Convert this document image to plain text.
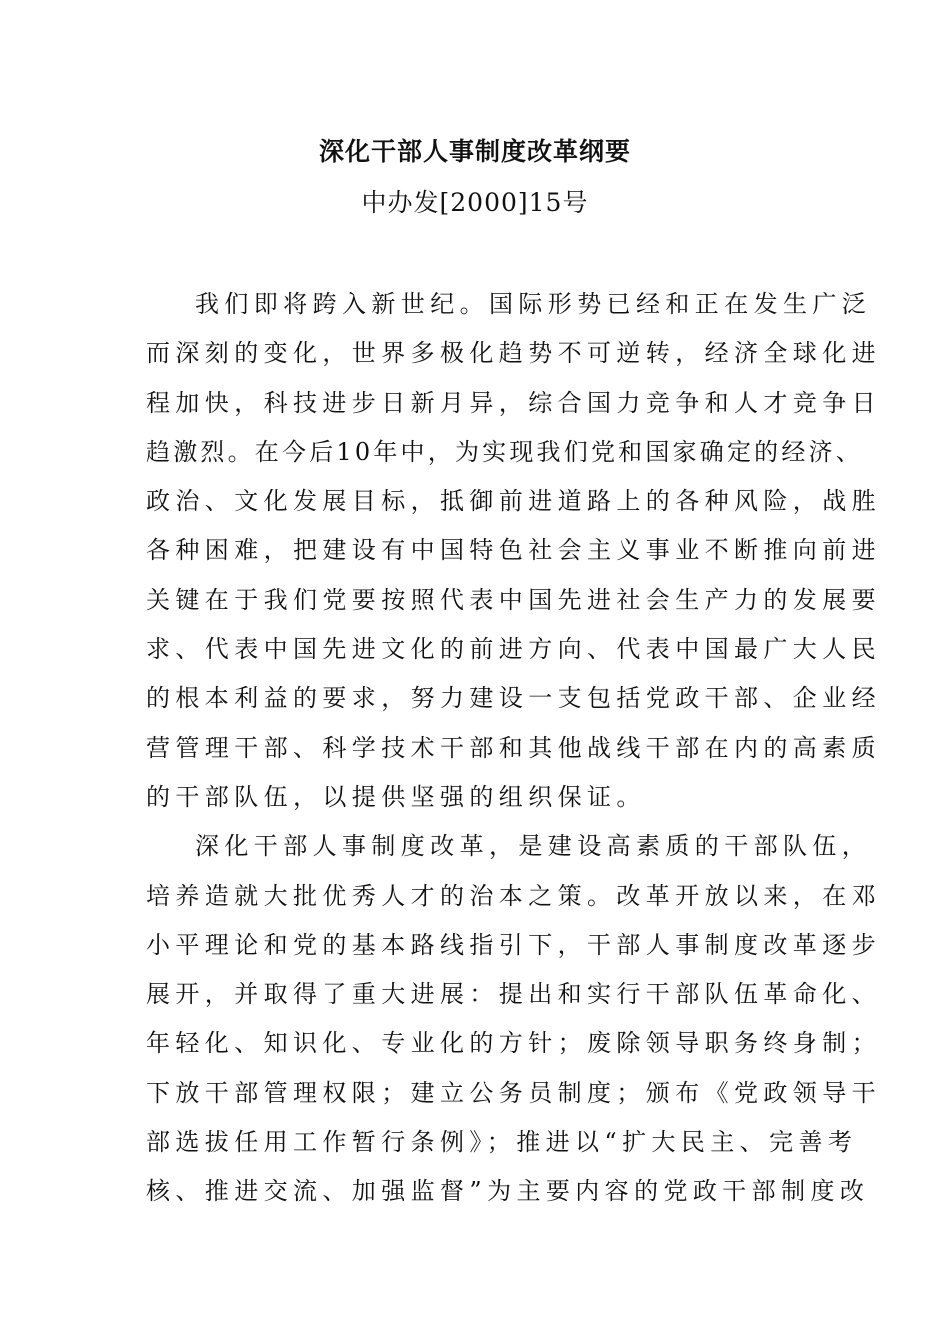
深化干部人事制度改革纲要
中办发[2000]15号
我们即将跨入新世纪。国际形势已经和正在发生广泛
而深刻的变化，世界多极化趋势不可逆转，经济全球化进
程加快，科技进步日新月异，综合国力竞争和人才竞争日
趋激烈。在今后10年中，为实现我们党和国家确定的经济、
政治、文化发展目标，抵御前进道路上的各种风险，战胜
各种困难，把建设有中国特色社会主义事业不断推向前进
关键在于我们党要按照代表中国先进社会生产力的发展要
求、代表中国先进文化的前进方向、代表中国最广大人民
的根本利益的要求，努力建设一支包括党政干部、企业经
营管理干部、科学技术干部和其他战线干部在内的高素质
的干部队伍，以提供坚强的组织保证。
深化干部人事制度改革，是建设高素质的干部队伍，
培养造就大批优秀人才的治本之策。改革开放以来，在邓
小平理论和党的基本路线指引下，干部人事制度改革逐步
展开，并取得了重大进展：提出和实行干部队伍革命化、
年轻化、知识化、专业化的方针；废除领导职务终身制；
下放干部管理权限；建立公务员制度；颁布《党政领导干
部选拔任用工作暂行条例》；推进以“扩大民主、完善考
核、推进交流、加强监督”为主要内容的党政干部制度改
